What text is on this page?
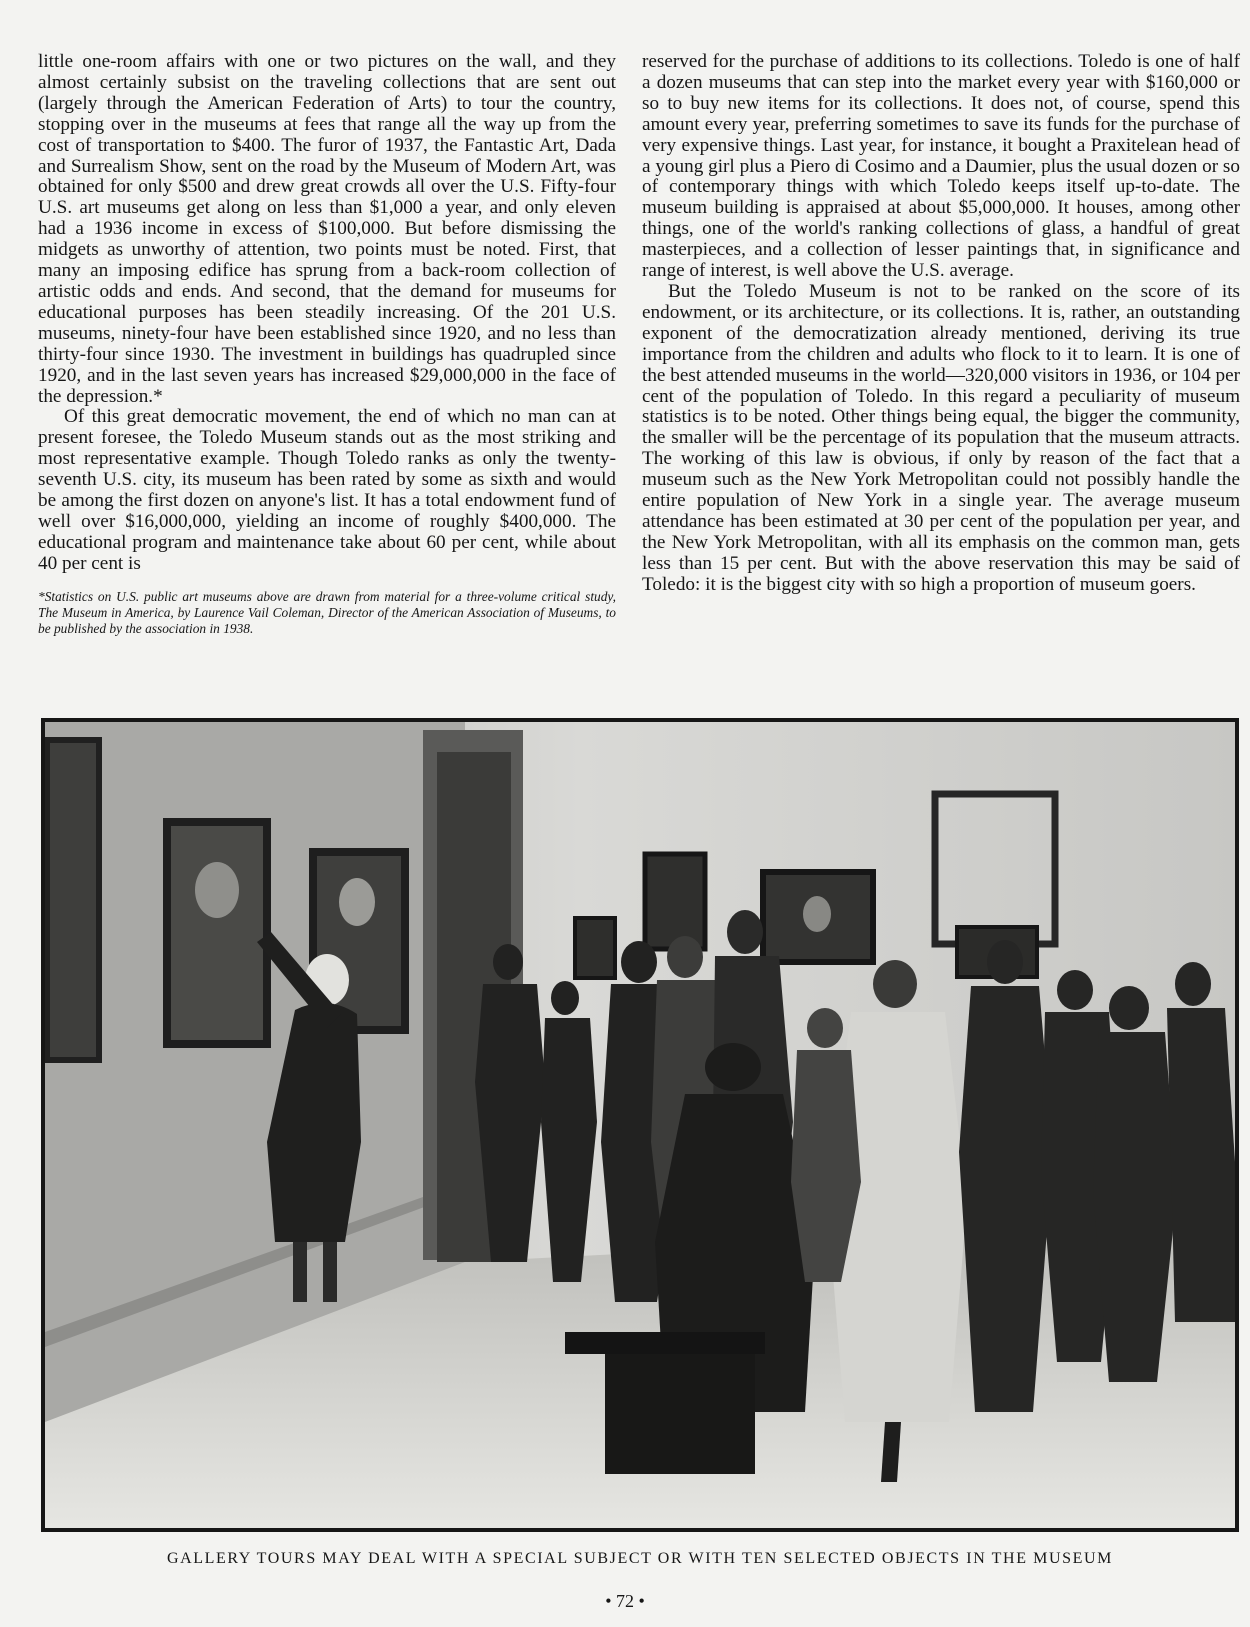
little one-room affairs with one or two pictures on the wall, and they almost certainly subsist on the traveling collections that are sent out (largely through the American Federation of Arts) to tour the country, stopping over in the museums at fees that range all the way up from the cost of transportation to $400. The furor of 1937, the Fantastic Art, Dada and Surrealism Show, sent on the road by the Museum of Modern Art, was obtained for only $500 and drew great crowds all over the U.S. Fifty-four U.S. art museums get along on less than $1,000 a year, and only eleven had a 1936 income in excess of $100,000. But before dismissing the midgets as unworthy of attention, two points must be noted. First, that many an imposing edifice has sprung from a back-room collection of artistic odds and ends. And second, that the demand for museums for educational purposes has been steadily increasing. Of the 201 U.S. museums, ninety-four have been established since 1920, and no less than thirty-four since 1930. The investment in buildings has quadrupled since 1920, and in the last seven years has increased $29,000,000 in the face of the depression.*

Of this great democratic movement, the end of which no man can at present foresee, the Toledo Museum stands out as the most striking and most representative example. Though Toledo ranks as only the twenty-seventh U.S. city, its museum has been rated by some as sixth and would be among the first dozen on anyone's list. It has a total endowment fund of well over $16,000,000, yielding an income of roughly $400,000. The educational program and maintenance take about 60 per cent, while about 40 per cent is

*Statistics on U.S. public art museums above are drawn from material for a three-volume critical study, The Museum in America, by Laurence Vail Coleman, Director of the American Association of Museums, to be published by the association in 1938.

reserved for the purchase of additions to its collections. Toledo is one of half a dozen museums that can step into the market every year with $160,000 or so to buy new items for its collections. It does not, of course, spend this amount every year, preferring sometimes to save its funds for the purchase of very expensive things. Last year, for instance, it bought a Praxitelean head of a young girl plus a Piero di Cosimo and a Daumier, plus the usual dozen or so of contemporary things with which Toledo keeps itself up-to-date. The museum building is appraised at about $5,000,000. It houses, among other things, one of the world's ranking collections of glass, a handful of great masterpieces, and a collection of lesser paintings that, in significance and range of interest, is well above the U.S. average.

But the Toledo Museum is not to be ranked on the score of its endowment, or its architecture, or its collections. It is, rather, an outstanding exponent of the democratization already mentioned, deriving its true importance from the children and adults who flock to it to learn. It is one of the best attended museums in the world—320,000 visitors in 1936, or 104 per cent of the population of Toledo. In this regard a peculiarity of museum statistics is to be noted. Other things being equal, the bigger the community, the smaller will be the percentage of its population that the museum attracts. The working of this law is obvious, if only by reason of the fact that a museum such as the New York Metropolitan could not possibly handle the entire population of New York in a single year. The average museum attendance has been estimated at 30 per cent of the population per year, and the New York Metropolitan, with all its emphasis on the common man, gets less than 15 per cent. But with the above reservation this may be said of Toledo: it is the biggest city with so high a proportion of museum goers.

GALLERY TOURS MAY DEAL WITH A SPECIAL SUBJECT OR WITH TEN SELECTED OBJECTS IN THE MUSEUM
• 72 •
